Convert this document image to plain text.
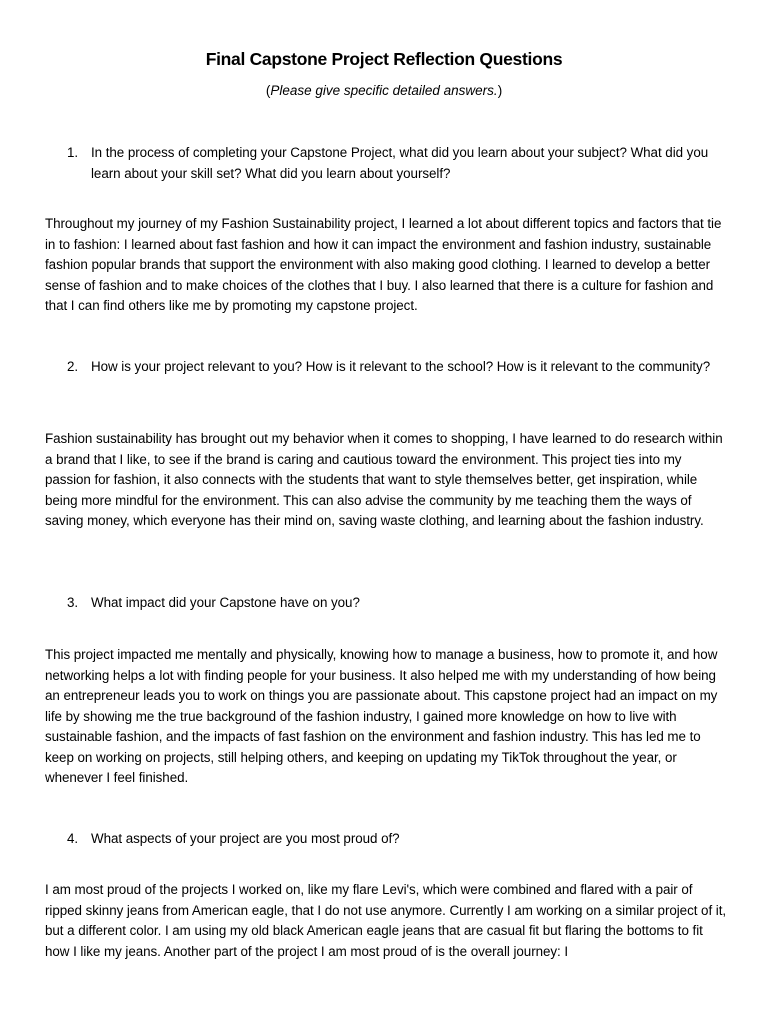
Final Capstone Project Reflection Questions
(Please give specific detailed answers.)
1. In the process of completing your Capstone Project, what did you learn about your subject? What did you learn about your skill set? What did you learn about yourself?

Throughout my journey of my Fashion Sustainability project, I learned a lot about different topics and factors that tie in to fashion: I learned about fast fashion and how it can impact the environment and fashion industry, sustainable fashion popular brands that support the environment with also making good clothing. I learned to develop a better sense of fashion and to make choices of the clothes that I buy. I also learned that there is a culture for fashion and that I can find others like me by promoting my capstone project.

2. How is your project relevant to you? How is it relevant to the school? How is it relevant to the community?

Fashion sustainability has brought out my behavior when it comes to shopping, I have learned to do research within a brand that I like, to see if the brand is caring and cautious toward the environment. This project ties into my passion for fashion, it also connects with the students that want to style themselves better, get inspiration, while being more mindful for the environment. This can also advise the community by me teaching them the ways of saving money, which everyone has their mind on, saving waste clothing, and learning about the fashion industry.

3. What impact did your Capstone have on you?

This project impacted me mentally and physically, knowing how to manage a business, how to promote it, and how networking helps a lot with finding people for your business. It also helped me with my understanding of how being an entrepreneur leads you to work on things you are passionate about. This capstone project had an impact on my life by showing me the true background of the fashion industry, I gained more knowledge on how to live with sustainable fashion, and the impacts of fast fashion on the environment and fashion industry. This has led me to keep on working on projects, still helping others, and keeping on updating my TikTok throughout the year, or whenever I feel finished.

4. What aspects of your project are you most proud of?

I am most proud of the projects I worked on, like my flare Levi's, which were combined and flared with a pair of ripped skinny jeans from American eagle, that I do not use anymore. Currently I am working on a similar project of it, but a different color. I am using my old black American eagle jeans that are casual fit but flaring the bottoms to fit how I like my jeans. Another part of the project I am most proud of is the overall journey: I
